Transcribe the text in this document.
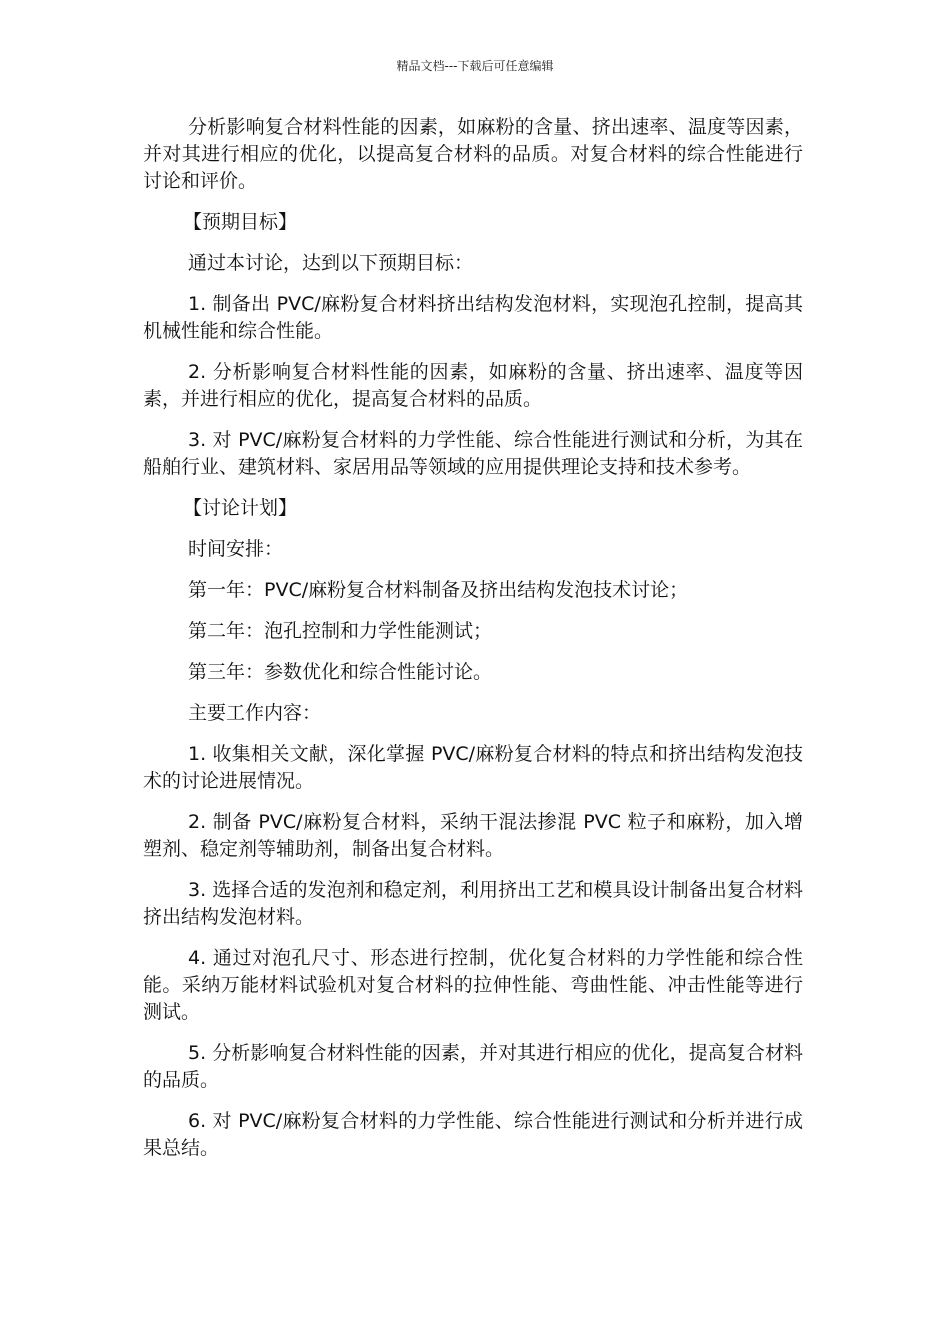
精品文档---下载后可任意编辑

分析影响复合材料性能的因素，如麻粉的含量、挤出速率、温度等因素，并对其进行相应的优化，以提高复合材料的品质。对复合材料的综合性能进行讨论和评价。

【预期目标】

通过本讨论，达到以下预期目标：

1. 制备出 PVC/麻粉复合材料挤出结构发泡材料，实现泡孔控制，提高其机械性能和综合性能。

2. 分析影响复合材料性能的因素，如麻粉的含量、挤出速率、温度等因素，并进行相应的优化，提高复合材料的品质。

3. 对 PVC/麻粉复合材料的力学性能、综合性能进行测试和分析，为其在船舶行业、建筑材料、家居用品等领域的应用提供理论支持和技术参考。

【讨论计划】

时间安排：

第一年：PVC/麻粉复合材料制备及挤出结构发泡技术讨论；

第二年：泡孔控制和力学性能测试；

第三年：参数优化和综合性能讨论。

主要工作内容：

1. 收集相关文献，深化掌握 PVC/麻粉复合材料的特点和挤出结构发泡技术的讨论进展情况。

2. 制备 PVC/麻粉复合材料，采纳干混法掺混 PVC 粒子和麻粉，加入增塑剂、稳定剂等辅助剂，制备出复合材料。

3. 选择合适的发泡剂和稳定剂，利用挤出工艺和模具设计制备出复合材料挤出结构发泡材料。

4. 通过对泡孔尺寸、形态进行控制，优化复合材料的力学性能和综合性能。采纳万能材料试验机对复合材料的拉伸性能、弯曲性能、冲击性能等进行测试。

5. 分析影响复合材料性能的因素，并对其进行相应的优化，提高复合材料的品质。

6. 对 PVC/麻粉复合材料的力学性能、综合性能进行测试和分析并进行成果总结。
